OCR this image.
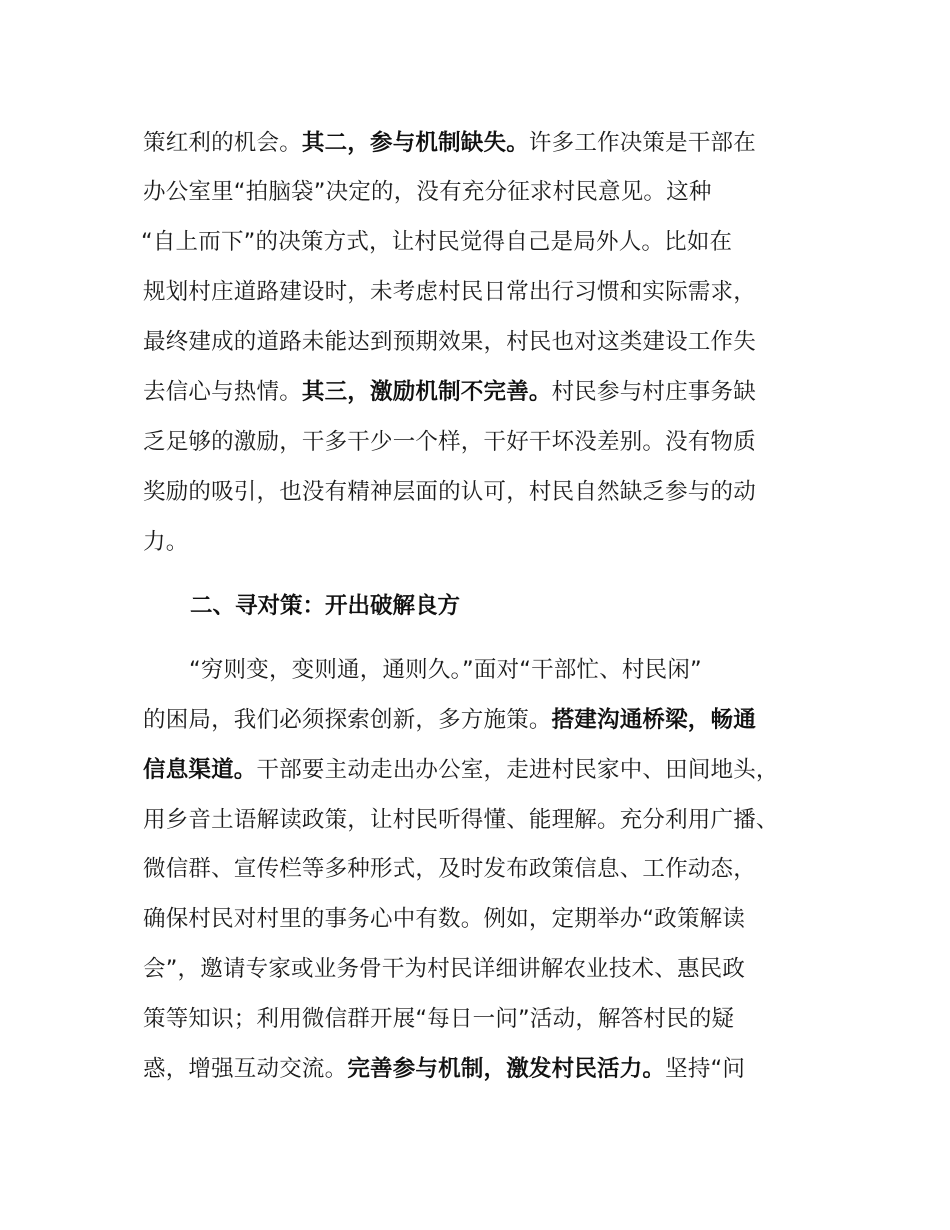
策红利的机会。其二，参与机制缺失。许多工作决策是干部在
办公室里“拍脑袋”决定的，没有充分征求村民意见。这种
“自上而下”的决策方式，让村民觉得自己是局外人。比如在
规划村庄道路建设时，未考虑村民日常出行习惯和实际需求，
最终建成的道路未能达到预期效果，村民也对这类建设工作失
去信心与热情。其三，激励机制不完善。村民参与村庄事务缺
乏足够的激励，干多干少一个样，干好干坏没差别。没有物质
奖励的吸引，也没有精神层面的认可，村民自然缺乏参与的动
力。
二、寻对策：开出破解良方
“穷则变，变则通，通则久。”面对“干部忙、村民闲”
的困局，我们必须探索创新，多方施策。搭建沟通桥梁，畅通
信息渠道。干部要主动走出办公室，走进村民家中、田间地头，
用乡音土语解读政策，让村民听得懂、能理解。充分利用广播、
微信群、宣传栏等多种形式，及时发布政策信息、工作动态，
确保村民对村里的事务心中有数。例如，定期举办“政策解读
会”，邀请专家或业务骨干为村民详细讲解农业技术、惠民政
策等知识；利用微信群开展“每日一问”活动，解答村民的疑
惑，增强互动交流。完善参与机制，激发村民活力。坚持“问
